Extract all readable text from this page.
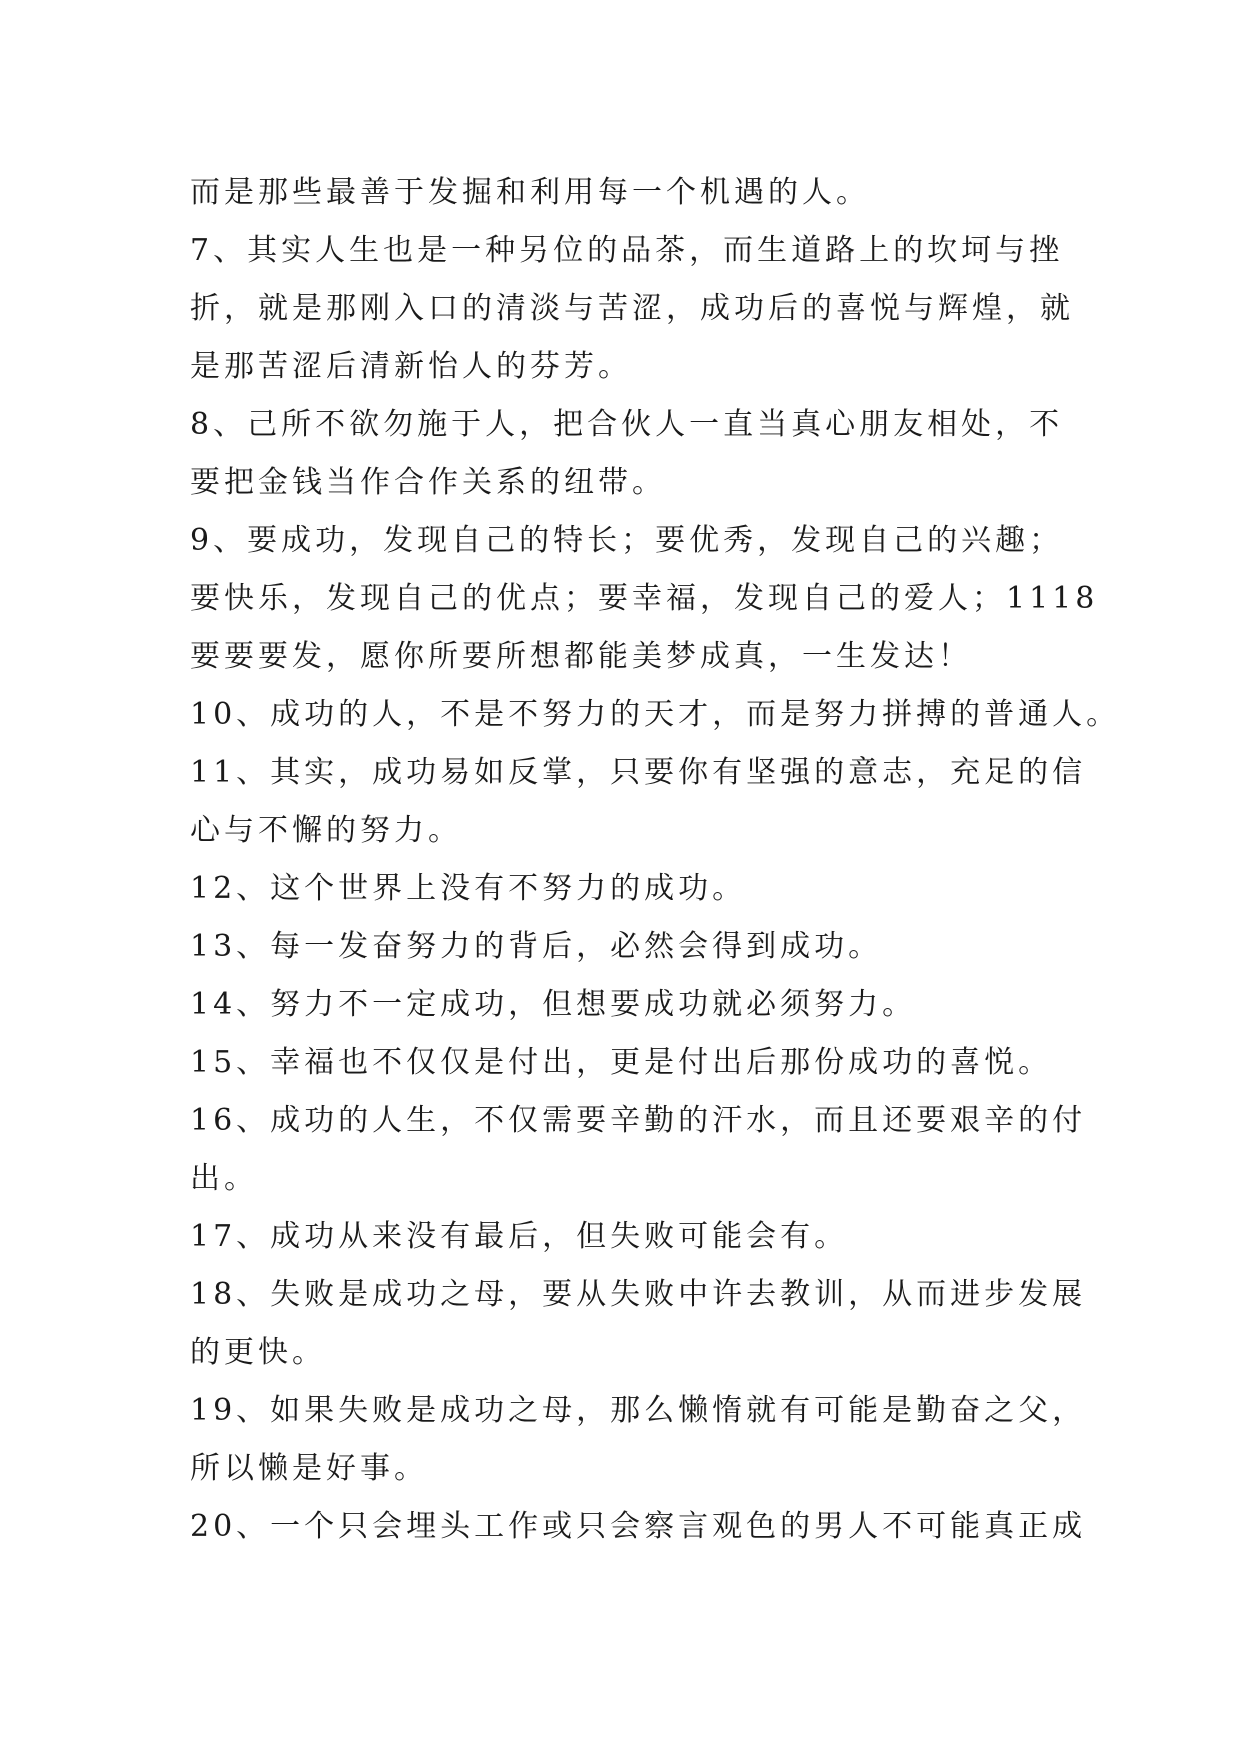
而是那些最善于发掘和利用每一个机遇的人。
7、其实人生也是一种另位的品茶，而生道路上的坎坷与挫
折，就是那刚入口的清淡与苦涩，成功后的喜悦与辉煌，就
是那苦涩后清新怡人的芬芳。
8、己所不欲勿施于人，把合伙人一直当真心朋友相处，不
要把金钱当作合作关系的纽带。
9、要成功，发现自己的特长；要优秀，发现自己的兴趣；
要快乐，发现自己的优点；要幸福，发现自己的爱人；1118
要要要发，愿你所要所想都能美梦成真，一生发达！
10、成功的人，不是不努力的天才，而是努力拼搏的普通人。
11、其实，成功易如反掌，只要你有坚强的意志，充足的信
心与不懈的努力。
12、这个世界上没有不努力的成功。
13、每一发奋努力的背后，必然会得到成功。
14、努力不一定成功，但想要成功就必须努力。
15、幸福也不仅仅是付出，更是付出后那份成功的喜悦。
16、成功的人生，不仅需要辛勤的汗水，而且还要艰辛的付
出。
17、成功从来没有最后，但失败可能会有。
18、失败是成功之母，要从失败中许去教训，从而进步发展
的更快。
19、如果失败是成功之母，那么懒惰就有可能是勤奋之父，
所以懒是好事。
20、一个只会埋头工作或只会察言观色的男人不可能真正成
